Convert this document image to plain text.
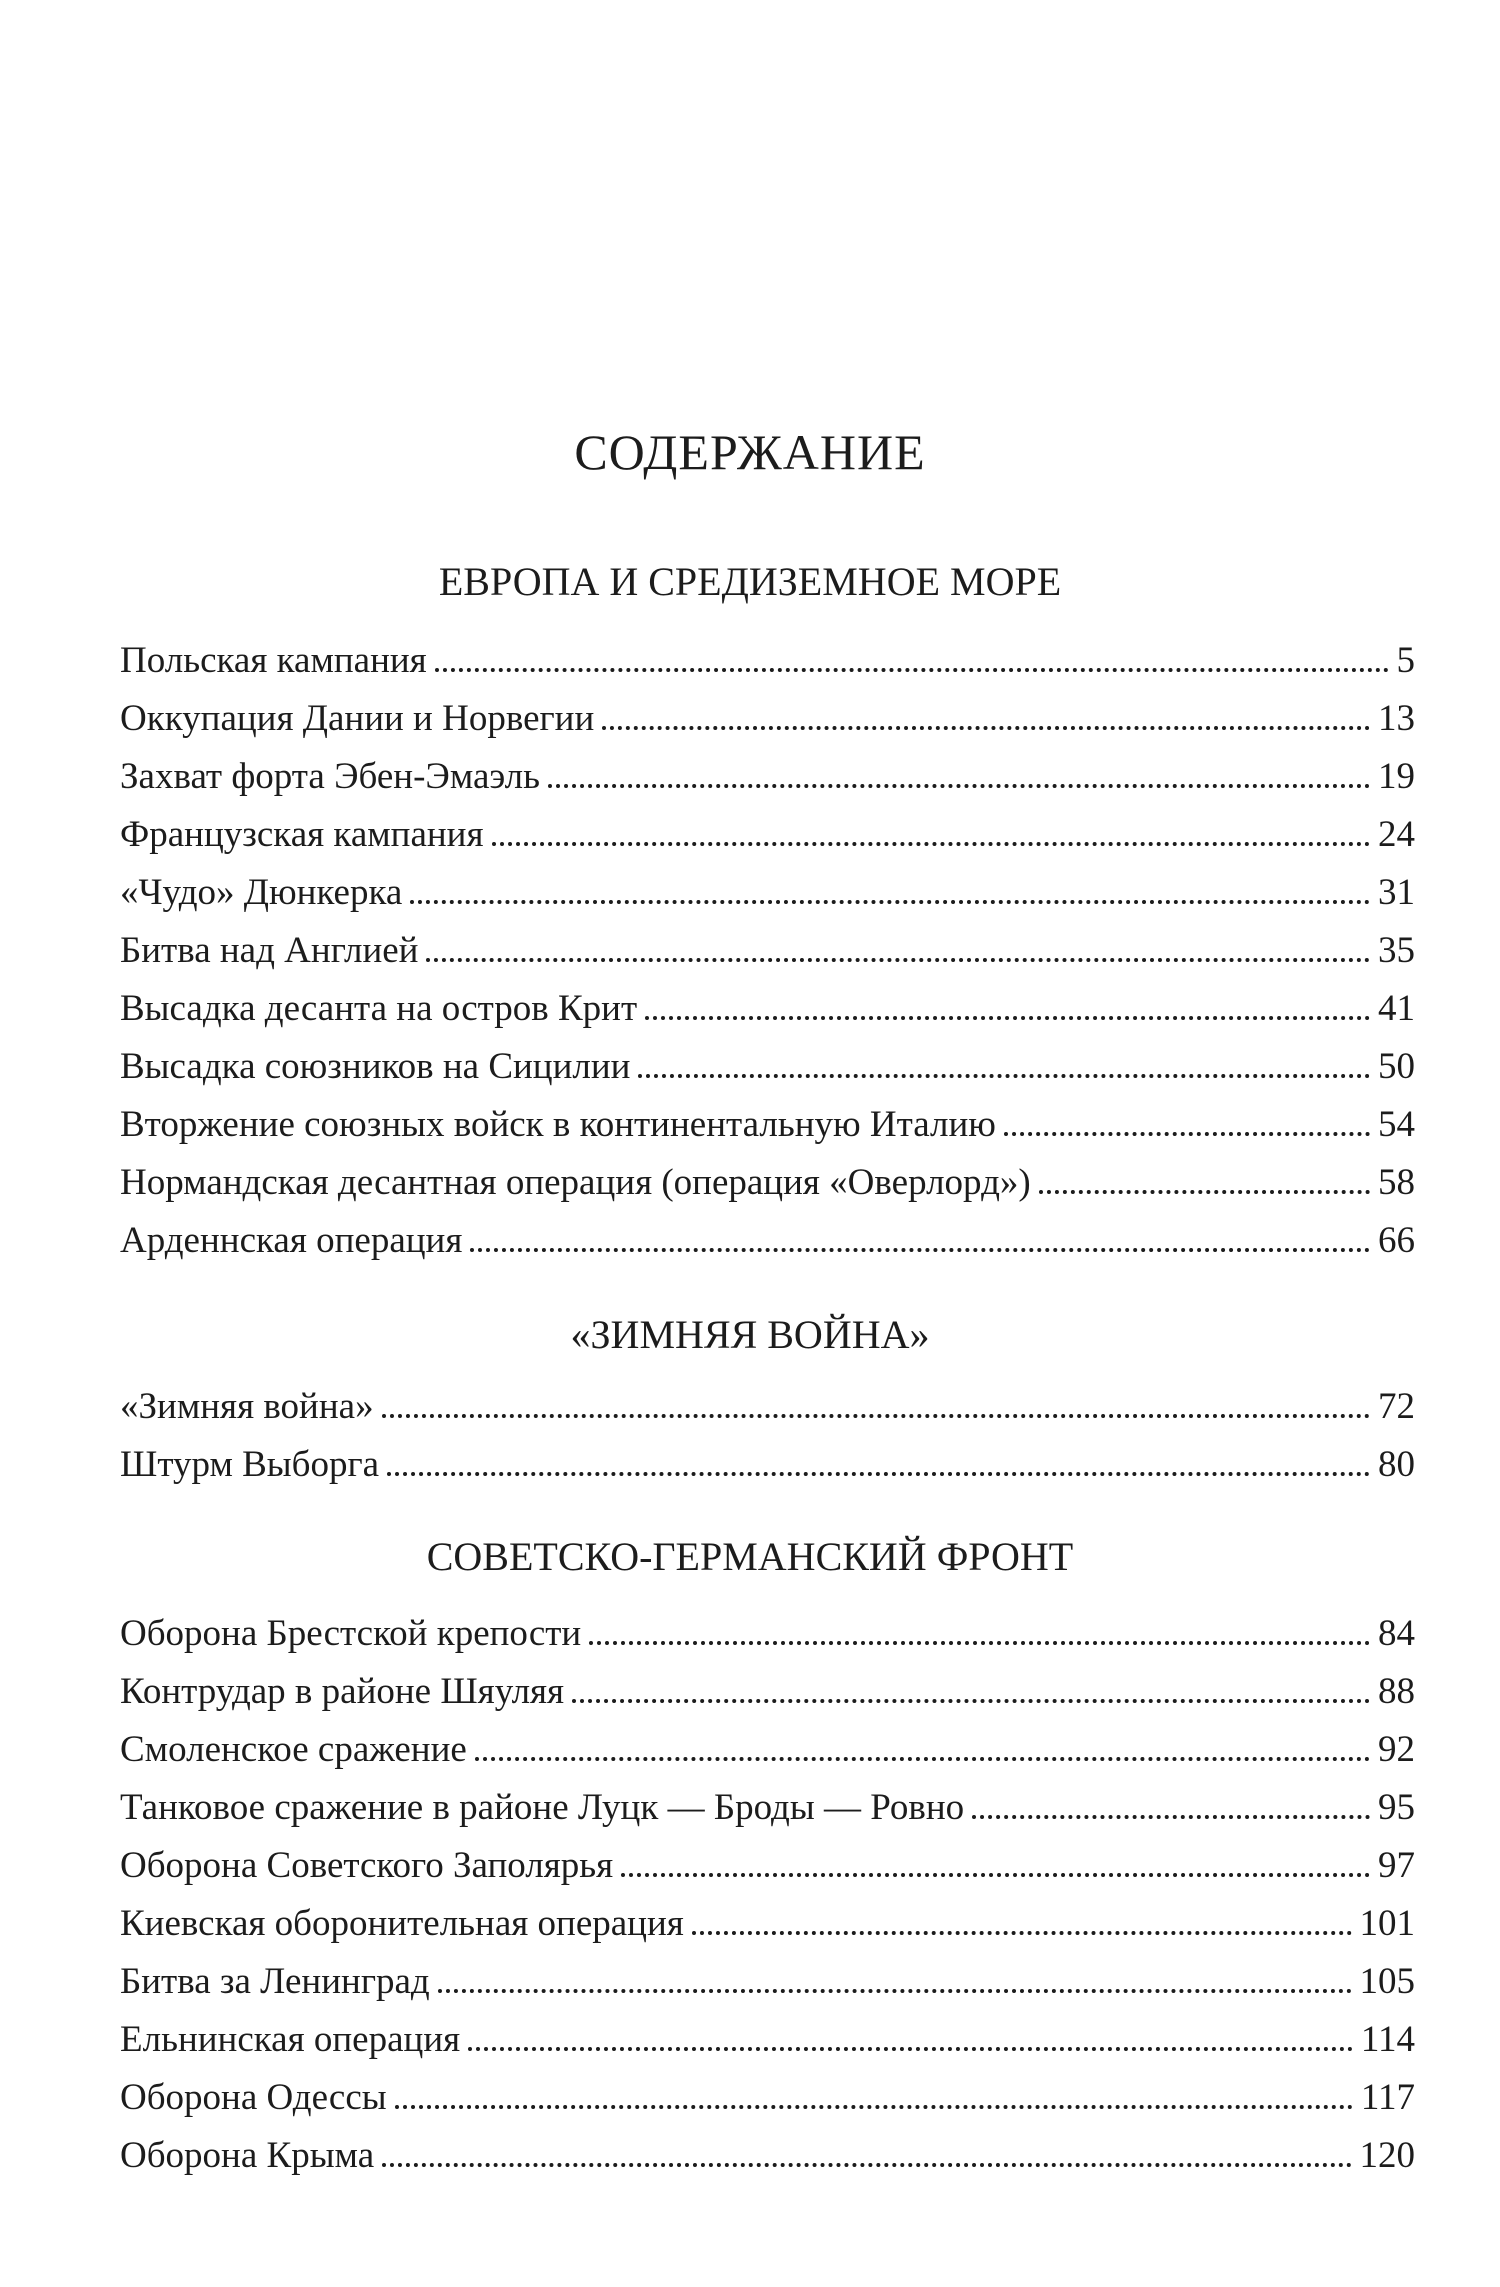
СОДЕРЖАНИЕ
ЕВРОПА И СРЕДИЗЕМНОЕ МОРЕ
Польская кампания	5
Оккупация Дании и Норвегии	13
Захват форта Эбен-Эмаэль	19
Французская кампания	24
«Чудо» Дюнкерка	31
Битва над Англией	35
Высадка десанта на остров Крит	41
Высадка союзников на Сицилии	50
Вторжение союзных войск в континентальную Италию	54
Нормандская десантная операция (операция «Оверлорд»)	58
Арденнская операция	66
«ЗИМНЯЯ ВОЙНА»
«Зимняя война»	72
Штурм Выборга	80
СОВЕТСКО-ГЕРМАНСКИЙ ФРОНТ
Оборона Брестской крепости	84
Контрудар в районе Шяуляя	88
Смоленское сражение	92
Танковое сражение в районе Луцк — Броды — Ровно	95
Оборона Советского Заполярья	97
Киевская оборонительная операция	101
Битва за Ленинград	105
Ельнинская операция	114
Оборона Одессы	117
Оборона Крыма	120
